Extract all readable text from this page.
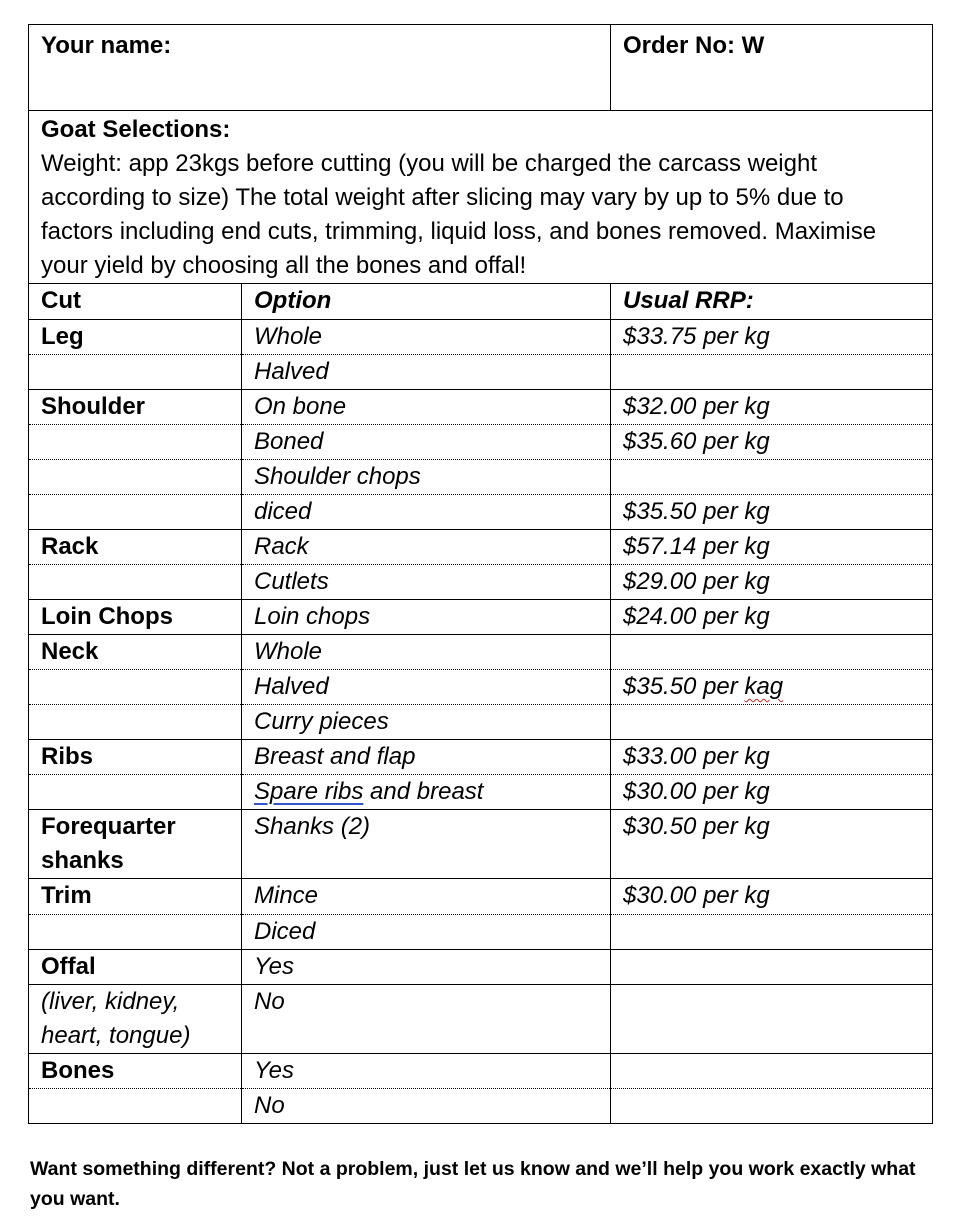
Your name:		Order No: W

Goat Selections:
Weight: app 23kgs before cutting (you will be charged the carcass weight according to size) The total weight after slicing may vary by up to 5% due to factors including end cuts, trimming, liquid loss, and bones removed. Maximise your yield by choosing all the bones and offal!		

Cut	Option	Usual RRP:
Leg	Whole	$33.75 per kg
	Halved	
Shoulder	On bone	$32.00 per kg
	Boned	$35.60 per kg
	Shoulder chops	
	diced	$35.50 per kg
Rack	Rack	$57.14 per kg
	Cutlets	$29.00 per kg
Loin Chops	Loin chops	$24.00 per kg
Neck	Whole	
	Halved	$35.50 per kag
	Curry pieces	
Ribs	Breast and flap	$33.00 per kg
	Spare ribs and breast	$30.00 per kg

Forequarter
shanks	Shanks (2)	$30.50 per kg
Trim	Mince	$30.00 per kg
	Diced	
Offal	Yes	

(liver, kidney,
heart, tongue)	No	
Bones	Yes	
	No	
Want something different? Not a problem, just let us know and we’ll help you work exactly what you want.
